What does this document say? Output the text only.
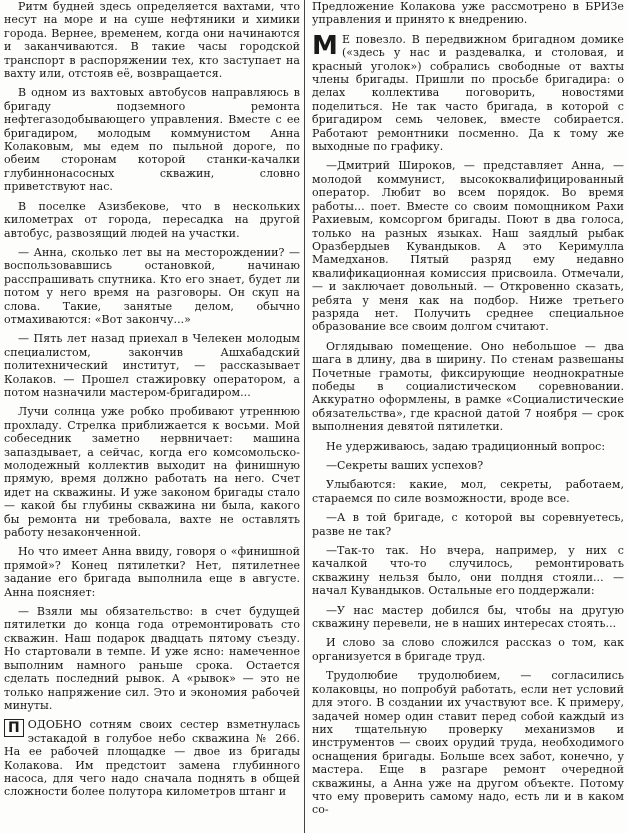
Ритм будней здесь определяется вахтами, что несут на море и на суше нефтяники и химики города. Вернее, временем, когда они начинаются и заканчиваются. В такие часы городской транспорт в распоряжении тех, кто заступает на вахту или, отстояв её, возвращается.

В одном из вахтовых автобусов направляюсь в бригаду подземного ремонта нефтегазодобывающего управления. Вместе с ее бригадиром, молодым коммунистом Анна Колаковым, мы едем по пыльной дороге, по обеим сторонам которой станки-качалки глубиннонасосных скважин, словно приветствуют нас.

В поселке Азизбекове, что в нескольких километрах от города, пересадка на другой автобус, развозящий людей на участки.

— Анна, сколько лет вы на месторождении? — воспользовавшись остановкой, начинаю расспрашивать спутника. Кто его знает, будет ли потом у него время на разговоры. Он скуп на слова. Такие, занятые делом, обычно отмахиваются: «Вот закончу...»

— Пять лет назад приехал в Челекен молодым специалистом, закончив Ашхабадский политехнический институт, — рассказывает Колаков. — Прошел стажировку оператором, а потом назначили мастером-бригадиром...

Лучи солнца уже робко пробивают утреннюю прохладу. Стрелка приближается к восьми. Мой собеседник заметно нервничает: машина запаздывает, а сейчас, когда его комсомольско-молодежный коллектив выходит на финишную прямую, время должно работать на него. Счет идет на скважины. И уже законом бригады стало — какой бы глубины скважина ни была, какого бы ремонта ни требовала, вахте не оставлять работу незаконченной.

Но что имеет Анна ввиду, говоря о «финишной прямой»? Конец пятилетки? Нет, пятилетнее задание его бригада выполнила еще в августе. Анна поясняет:

— Взяли мы обязательство: в счет будущей пятилетки до конца года отремонтировать сто скважин. Наш подарок двадцать пятому съезду. Но стартовали в темпе. И уже ясно: намеченное выполним намного раньше срока. Остается сделать последний рывок. А «рывок» — это не только напряжение сил. Это и экономия рабочей минуты.

П ОДОБНО сотням своих сестер взметнулась эстакадой в голубое небо скважина № 266. На ее рабочей площадке — двое из бригады Колакова. Им предстоит замена глубинного насоса, для чего надо сначала поднять в общей сложности более полутора километров штанг и

Предложение Колакова уже рассмотрено в БРИЗе управления и принято к внедрению.

М Е повезло. В передвижном бригадном домике («здесь у нас и раздевалка, и столовая, и красный уголок») собрались свободные от вахты члены бригады. Пришли по просьбе бригадира: о делах коллектива поговорить, новостями поделиться. Не так часто бригада, в которой с бригадиром семь человек, вместе собирается. Работают ремонтники посменно. Да к тому же выходные по графику.

—Дмитрий Широков, — представляет Анна, — молодой коммунист, высококвалифицированный оператор. Любит во всем порядок. Во время работы... поет. Вместе со своим помощником Рахи Рахиевым, комсоргом бригады. Поют в два голоса, только на разных языках. Наш заядлый рыбак Оразбердыев Кувандыков. А это Керимулла Мамедханов. Пятый разряд ему недавно квалификационная комиссия присвоила. Отмечали, — и заключает довольный. — Откровенно сказать, ребята у меня как на подбор. Ниже третьего разряда нет. Получить среднее специальное образование все своим долгом считают.

Оглядываю помещение. Оно небольшое — два шага в длину, два в ширину. По стенам развешаны Почетные грамоты, фиксирующие неоднократные победы в социалистическом соревновании. Аккуратно оформлены, в рамке «Социалистические обязательства», где красной датой 7 ноября — срок выполнения девятой пятилетки.

Не удерживаюсь, задаю традиционный вопрос:

—Секреты ваших успехов?

Улыбаются: какие, мол, секреты, работаем, стараемся по силе возможности, вроде все.

—А в той бригаде, с которой вы соревнуетесь, разве не так?

—Так-то так. Но вчера, например, у них с качалкой что-то случилось, ремонтировать скважину нельзя было, они полдня стояли... — начал Кувандыков. Остальные его поддержали:

—У нас мастер добился бы, чтобы на другую скважину перевели, не в наших интересах стоять...

И слово за слово сложился рассказ о том, как организуется в бригаде труд.

Трудолюбие трудолюбием, — согласились колаковцы, но попробуй работать, если нет условий для этого. В создании их участвуют все. К примеру, задачей номер один ставит перед собой каждый из них тщательную проверку механизмов и инструментов — своих орудий труда, необходимого оснащения бригады. Больше всех забот, конечно, у мастера. Еще в разгаре ремонт очередной скважины, а Анна уже на другом объекте. Потому что ему проверить самому надо, есть ли и в каком со-
